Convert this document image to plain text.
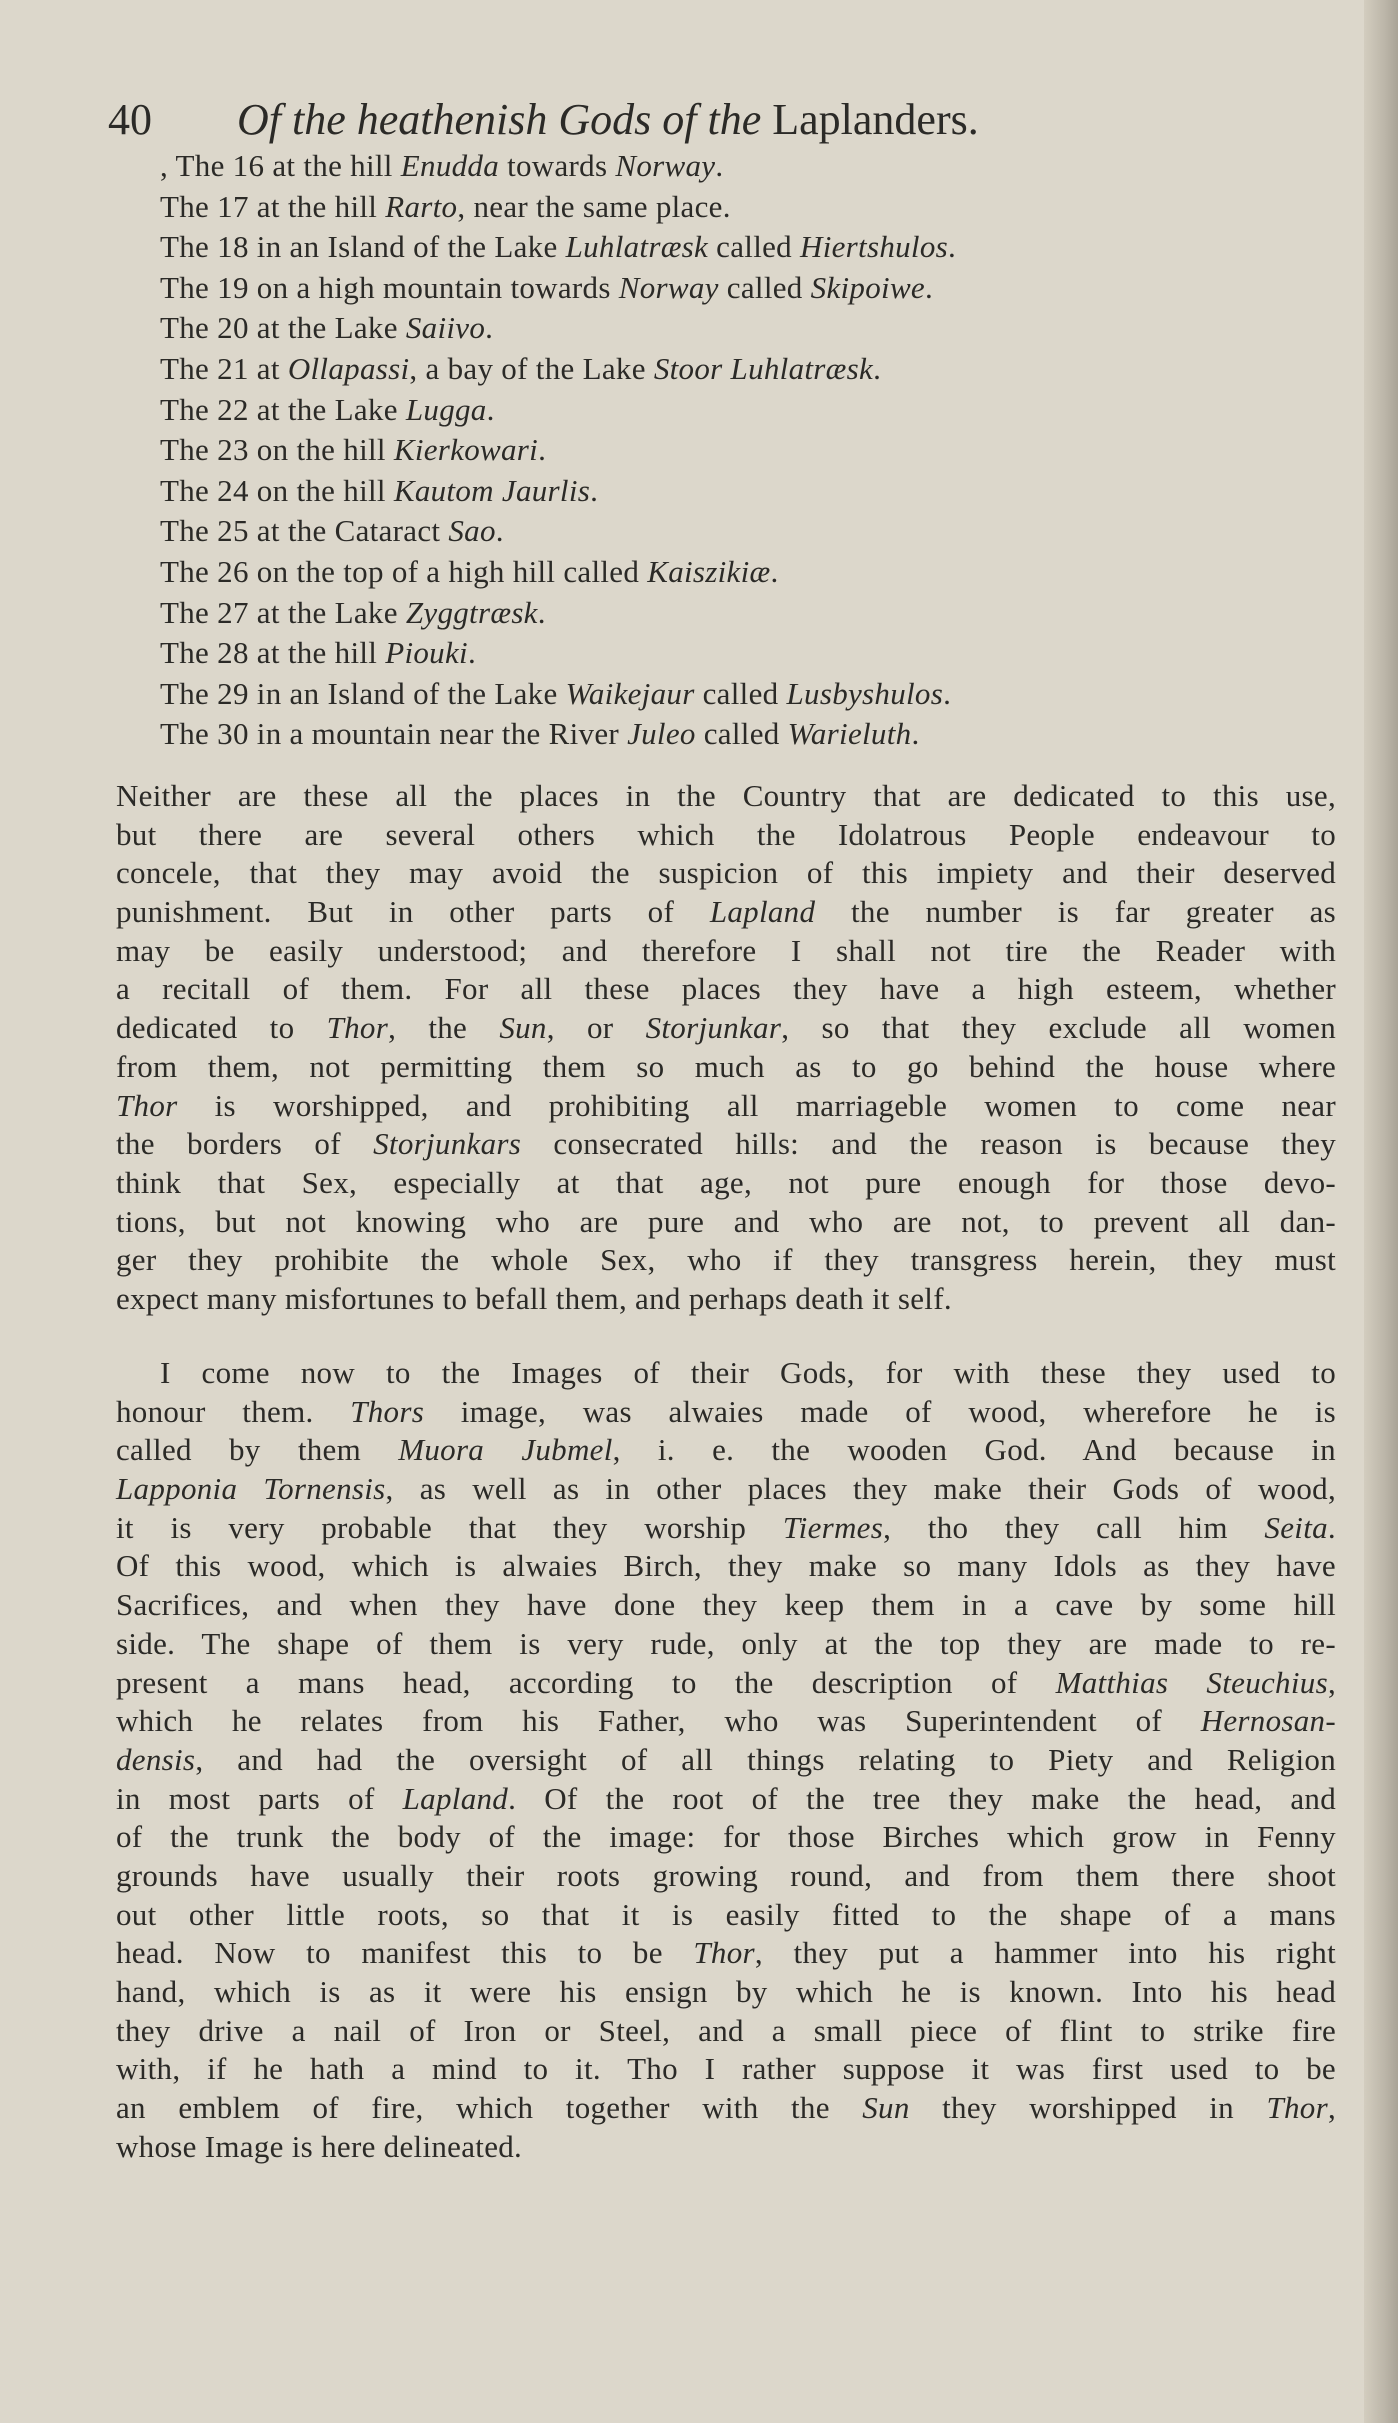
40 Of the heathenish Gods of the Laplanders.
, The 16 at the hill Enudda towards Norway.
The 17 at the hill Rarto, near the same place.
The 18 in an Island of the Lake Luhlatræsk called Hiertshulos.
The 19 on a high mountain towards Norway called Skipoiwe.
The 20 at the Lake Saiivo.
The 21 at Ollapassi, a bay of the Lake Stoor Luhlatræsk.
The 22 at the Lake Lugga.
The 23 on the hill Kierkowari.
The 24 on the hill Kautom Jaurlis.
The 25 at the Cataract Sao.
The 26 on the top of a high hill called Kaiszikiæ.
The 27 at the Lake Zyggtræsk.
The 28 at the hill Piouki.
The 29 in an Island of the Lake Waikejaur called Lusbyshulos.
The 30 in a mountain near the River Juleo called Warieluth.
Neither are these all the places in the Country that are dedicated to this use,
but there are several others which the Idolatrous People endeavour to
concele, that they may avoid the suspicion of this impiety and their deserved
punishment. But in other parts of Lapland the number is far greater as
may be easily understood; and therefore I shall not tire the Reader with
a recitall of them. For all these places they have a high esteem, whether
dedicated to Thor, the Sun, or Storjunkar, so that they exclude all women
from them, not permitting them so much as to go behind the house where
Thor is worshipped, and prohibiting all marriageble women to come near
the borders of Storjunkars consecrated hills: and the reason is because they
think that Sex, especially at that age, not pure enough for those devo-
tions, but not knowing who are pure and who are not, to prevent all dan-
ger they prohibite the whole Sex, who if they transgress herein, they must
expect many misfortunes to befall them, and perhaps death it self.
I come now to the Images of their Gods, for with these they used to
honour them. Thors image, was alwaies made of wood, wherefore he is
called by them Muora Jubmel, i. e. the wooden God. And because in
Lapponia Tornensis, as well as in other places they make their Gods of wood,
it is very probable that they worship Tiermes, tho they call him Seita.
Of this wood, which is alwaies Birch, they make so many Idols as they have
Sacrifices, and when they have done they keep them in a cave by some hill
side. The shape of them is very rude, only at the top they are made to re-
present a mans head, according to the description of Matthias Steuchius,
which he relates from his Father, who was Superintendent of Hernosan-
densis, and had the oversight of all things relating to Piety and Religion
in most parts of Lapland. Of the root of the tree they make the head, and
of the trunk the body of the image: for those Birches which grow in Fenny
grounds have usually their roots growing round, and from them there shoot
out other little roots, so that it is easily fitted to the shape of a mans
head. Now to manifest this to be Thor, they put a hammer into his right
hand, which is as it were his ensign by which he is known. Into his head
they drive a nail of Iron or Steel, and a small piece of flint to strike fire
with, if he hath a mind to it. Tho I rather suppose it was first used to be
an emblem of fire, which together with the Sun they worshipped in Thor,
whose Image is here delineated.
